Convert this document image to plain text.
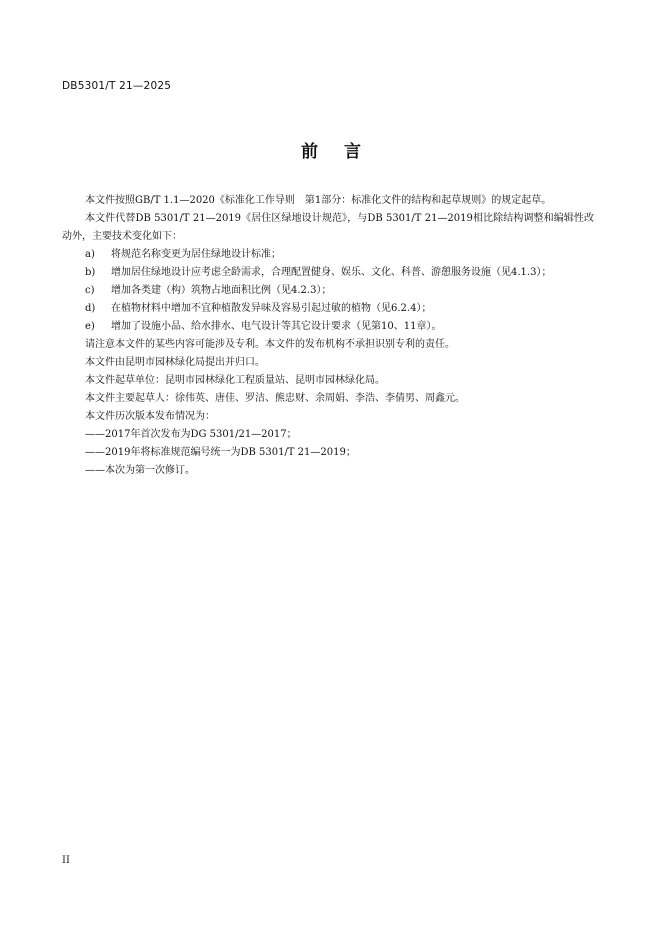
DB5301/T 21—2025
前言

本文件按照GB/T 1.1—2020《标准化工作导则　第1部分：标准化文件的结构和起草规则》的规定起草。

本文件代替DB 5301/T 21—2019《居住区绿地设计规范》，与DB 5301/T 21—2019相比除结构调整和编辑性改动外，主要技术变化如下：

a) 将规范名称变更为居住绿地设计标准；
b) 增加居住绿地设计应考虑全龄需求，合理配置健身、娱乐、文化、科普、游憩服务设施（见4.1.3）；
c) 增加各类建（构）筑物占地面积比例（见4.2.3）；
d) 在植物材料中增加不宜种植散发异味及容易引起过敏的植物（见6.2.4）；
e) 增加了设施小品、给水排水、电气设计等其它设计要求（见第10、11章）。

请注意本文件的某些内容可能涉及专利。本文件的发布机构不承担识别专利的责任。

本文件由昆明市园林绿化局提出并归口。

本文件起草单位：昆明市园林绿化工程质量站、昆明市园林绿化局。

本文件主要起草人：徐伟英、唐佳、罗洁、熊忠财、余周娟、李浩、李倩男、周鑫元。

本文件历次版本发布情况为：

——2017年首次发布为DG 5301/21—2017；

——2019年将标准规范编号统一为DB 5301/T 21—2019；

——本次为第一次修订。

II
